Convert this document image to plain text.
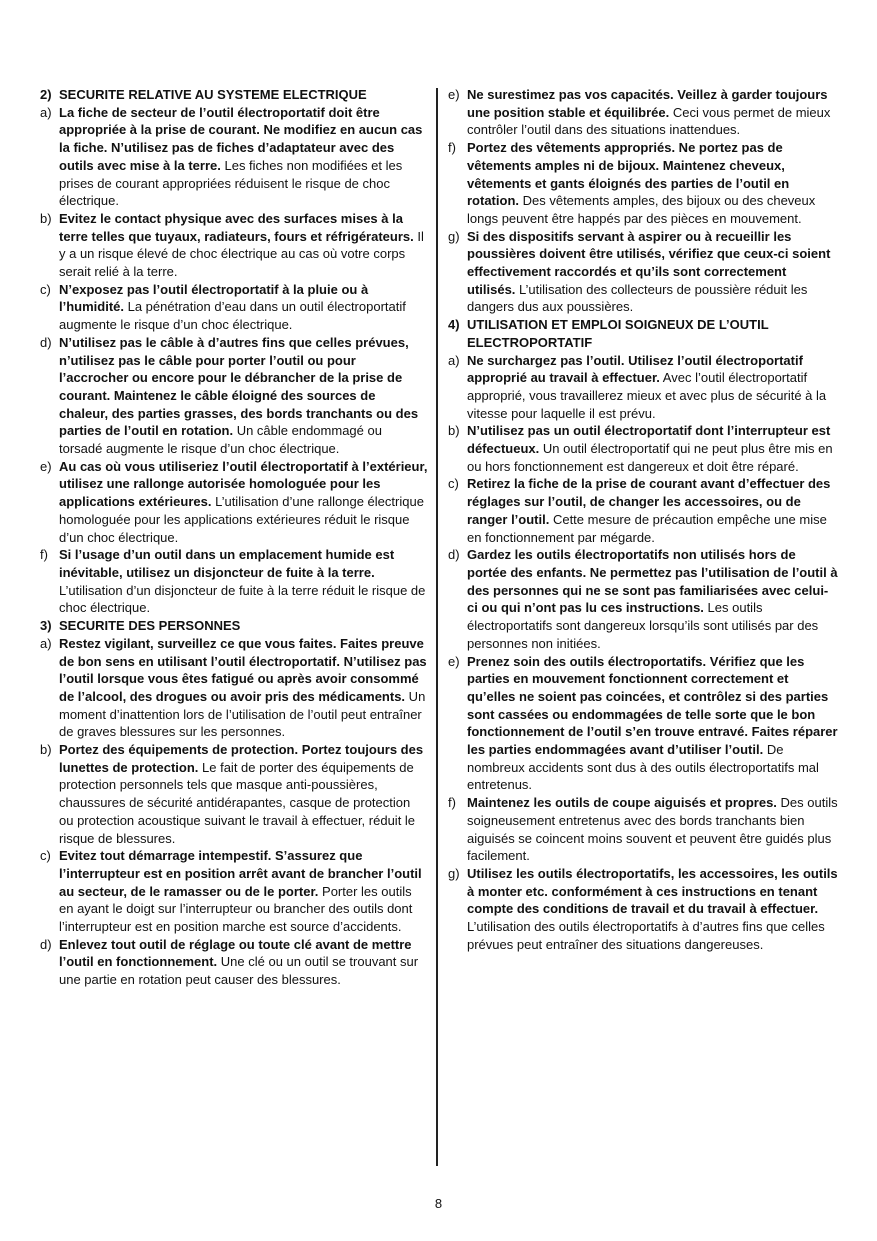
2) SECURITE RELATIVE AU SYSTEME ELECTRIQUE
a) La fiche de secteur de l’outil électroportatif doit être appropriée à la prise de courant. Ne modifiez en aucun cas la fiche. N’utilisez pas de fiches d’adaptateur avec des outils avec mise à la terre. Les fiches non modifiées et les prises de courant appropriées réduisent le risque de choc électrique.
b) Evitez le contact physique avec des surfaces mises à la terre telles que tuyaux, radiateurs, fours et réfrigérateurs. Il y a un risque élevé de choc électrique au cas où votre corps serait relié à la terre.
c) N’exposez pas l’outil électroportatif à la pluie ou à l’humidité. La pénétration d’eau dans un outil électroportatif augmente le risque d’un choc électrique.
d) N’utilisez pas le câble à d’autres fins que celles prévues, n’utilisez pas le câble pour porter l’outil ou pour l’accrocher ou encore pour le débrancher de la prise de courant. Maintenez le câble éloigné des sources de chaleur, des parties grasses, des bords tranchants ou des parties de l’outil en rotation. Un câble endommagé ou torsadé augmente le risque d’un choc électrique.
e) Au cas où vous utiliseriez l’outil électroportatif à l’extérieur, utilisez une rallonge autorisée homologuée pour les applications extérieures. L’utilisation d’une rallonge électrique homologuée pour les applications extérieures réduit le risque d’un choc électrique.
f) Si l’usage d’un outil dans un emplacement humide est inévitable, utilisez un disjoncteur de fuite à la terre. L’utilisation d’un disjoncteur de fuite à la terre réduit le risque de choc électrique.
3) SECURITE DES PERSONNES
a) Restez vigilant, surveillez ce que vous faites. Faites preuve de bon sens en utilisant l’outil électroportatif. N’utilisez pas l’outil lorsque vous êtes fatigué ou après avoir consommé de l’alcool, des drogues ou avoir pris des médicaments. Un moment d’inattention lors de l’utilisation de l’outil peut entraîner de graves blessures sur les personnes.
b) Portez des équipements de protection. Portez toujours des lunettes de protection. Le fait de porter des équipements de protection personnels tels que masque anti-poussières, chaussures de sécurité antidérapantes, casque de protection ou protection acoustique suivant le travail à effectuer, réduit le risque de blessures.
c) Evitez tout démarrage intempestif. S’assurez que l’interrupteur est en position arrêt avant de brancher l’outil au secteur, de le ramasser ou de le porter. Porter les outils en ayant le doigt sur l’interrupteur ou brancher des outils dont l’interrupteur est en position marche est source d’accidents.
d) Enlevez tout outil de réglage ou toute clé avant de mettre l’outil en fonctionnement. Une clé ou un outil se trouvant sur une partie en rotation peut causer des blessures.
e) Ne surestimez pas vos capacités. Veillez à garder toujours une position stable et équilibrée. Ceci vous permet de mieux contrôler l’outil dans des situations inattendues.
f) Portez des vêtements appropriés. Ne portez pas de vêtements amples ni de bijoux. Maintenez cheveux, vêtements et gants éloignés des parties de l’outil en rotation. Des vêtements amples, des bijoux ou des cheveux longs peuvent être happés par des pièces en mouvement.
g) Si des dispositifs servant à aspirer ou à recueillir les poussières doivent être utilisés, vérifiez que ceux-ci soient effectivement raccordés et qu’ils sont correctement utilisés. L’utilisation des collecteurs de poussière réduit les dangers dus aux poussières.
4) UTILISATION ET EMPLOI SOIGNEUX DE L’OUTIL ELECTROPORTATIF
a) Ne surchargez pas l’outil. Utilisez l’outil électroportatif approprié au travail à effectuer. Avec l’outil électroportatif approprié, vous travaillerez mieux et avec plus de sécurité à la vitesse pour laquelle il est prévu.
b) N’utilisez pas un outil électroportatif dont l’interrupteur est défectueux. Un outil électroportatif qui ne peut plus être mis en ou hors fonctionnement est dangereux et doit être réparé.
c) Retirez la fiche de la prise de courant avant d’effectuer des réglages sur l’outil, de changer les accessoires, ou de ranger l’outil. Cette mesure de précaution empêche une mise en fonctionnement par mégarde.
d) Gardez les outils électroportatifs non utilisés hors de portée des enfants. Ne permettez pas l’utilisation de l’outil à des personnes qui ne se sont pas familiarisées avec celui-ci ou qui n’ont pas lu ces instructions. Les outils électroportatifs sont dangereux lorsqu’ils sont utilisés par des personnes non initiées.
e) Prenez soin des outils électroportatifs. Vérifiez que les parties en mouvement fonctionnent correctement et qu’elles ne soient pas coincées, et contrôlez si des parties sont cassées ou endommagées de telle sorte que le bon fonctionnement de l’outil s’en trouve entravé. Faites réparer les parties endommagées avant d’utiliser l’outil. De nombreux accidents sont dus à des outils électroportatifs mal entretenus.
f) Maintenez les outils de coupe aiguisés et propres. Des outils soigneusement entretenus avec des bords tranchants bien aiguisés se coincent moins souvent et peuvent être guidés plus facilement.
g) Utilisez les outils électroportatifs, les accessoires, les outils à monter etc. conformément à ces instructions en tenant compte des conditions de travail et du travail à effectuer. L’utilisation des outils électroportatifs à d’autres fins que celles prévues peut entraîner des situations dangereuses.
8
